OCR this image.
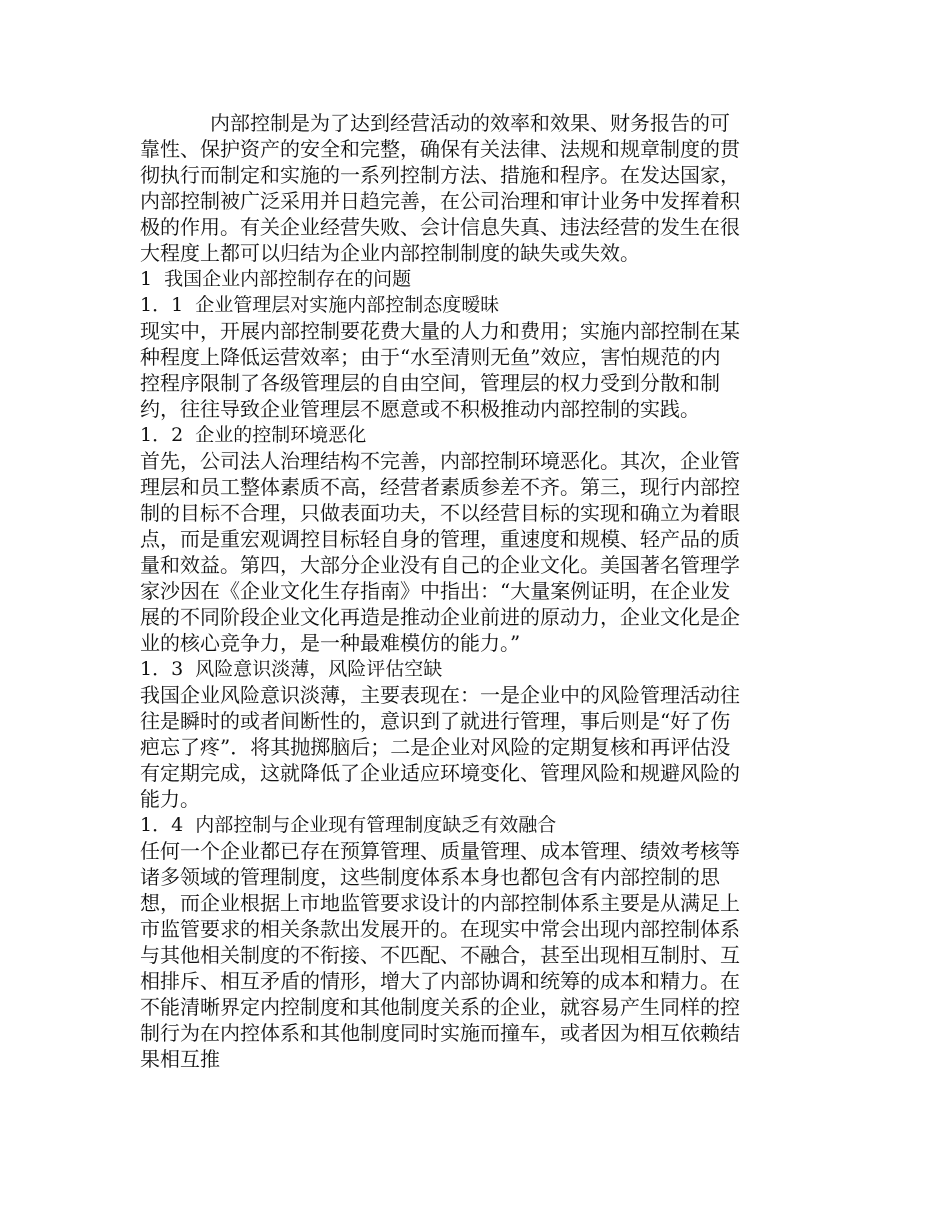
内部控制是为了达到经营活动的效率和效果、财务报告的可靠性、保护资产的安全和完整，确保有关法律、法规和规章制度的贯彻执行而制定和实施的一系列控制方法、措施和程序。在发达国家，内部控制被广泛采用并日趋完善，在公司治理和审计业务中发挥着积极的作用。有关企业经营失败、会计信息失真、违法经营的发生在很大程度上都可以归结为企业内部控制制度的缺失或失效。

1  我国企业内部控制存在的问题

1．1  企业管理层对实施内部控制态度暧昧

现实中，开展内部控制要花费大量的人力和费用；实施内部控制在某种程度上降低运营效率；由于“水至清则无鱼”效应，害怕规范的内控程序限制了各级管理层的自由空间，管理层的权力受到分散和制约，往往导致企业管理层不愿意或不积极推动内部控制的实践。

1．2  企业的控制环境恶化

首先，公司法人治理结构不完善，内部控制环境恶化。其次，企业管理层和员工整体素质不高，经营者素质参差不齐。第三，现行内部控制的目标不合理，只做表面功夫，不以经营目标的实现和确立为着眼点，而是重宏观调控目标轻自身的管理，重速度和规模、轻产品的质量和效益。第四，大部分企业没有自己的企业文化。美国著名管理学家沙因在《企业文化生存指南》中指出：“大量案例证明，在企业发展的不同阶段企业文化再造是推动企业前进的原动力，企业文化是企业的核心竞争力，是一种最难模仿的能力。”

1．3  风险意识淡薄，风险评估空缺

我国企业风险意识淡薄，主要表现在：一是企业中的风险管理活动往往是瞬时的或者间断性的，意识到了就进行管理，事后则是“好了伤疤忘了疼”．将其抛掷脑后；二是企业对风险的定期复核和再评估没有定期完成，这就降低了企业适应环境变化、管理风险和规避风险的能力。

1．4  内部控制与企业现有管理制度缺乏有效融合

任何一个企业都已存在预算管理、质量管理、成本管理、绩效考核等诸多领域的管理制度，这些制度体系本身也都包含有内部控制的思想，而企业根据上市地监管要求设计的内部控制体系主要是从满足上市监管要求的相关条款出发展开的。在现实中常会出现内部控制体系与其他相关制度的不衔接、不匹配、不融合，甚至出现相互制肘、互相排斥、相互矛盾的情形，增大了内部协调和统筹的成本和精力。在不能清晰界定内控制度和其他制度关系的企业，就容易产生同样的控制行为在内控体系和其他制度同时实施而撞车，或者因为相互依赖结果相互推
